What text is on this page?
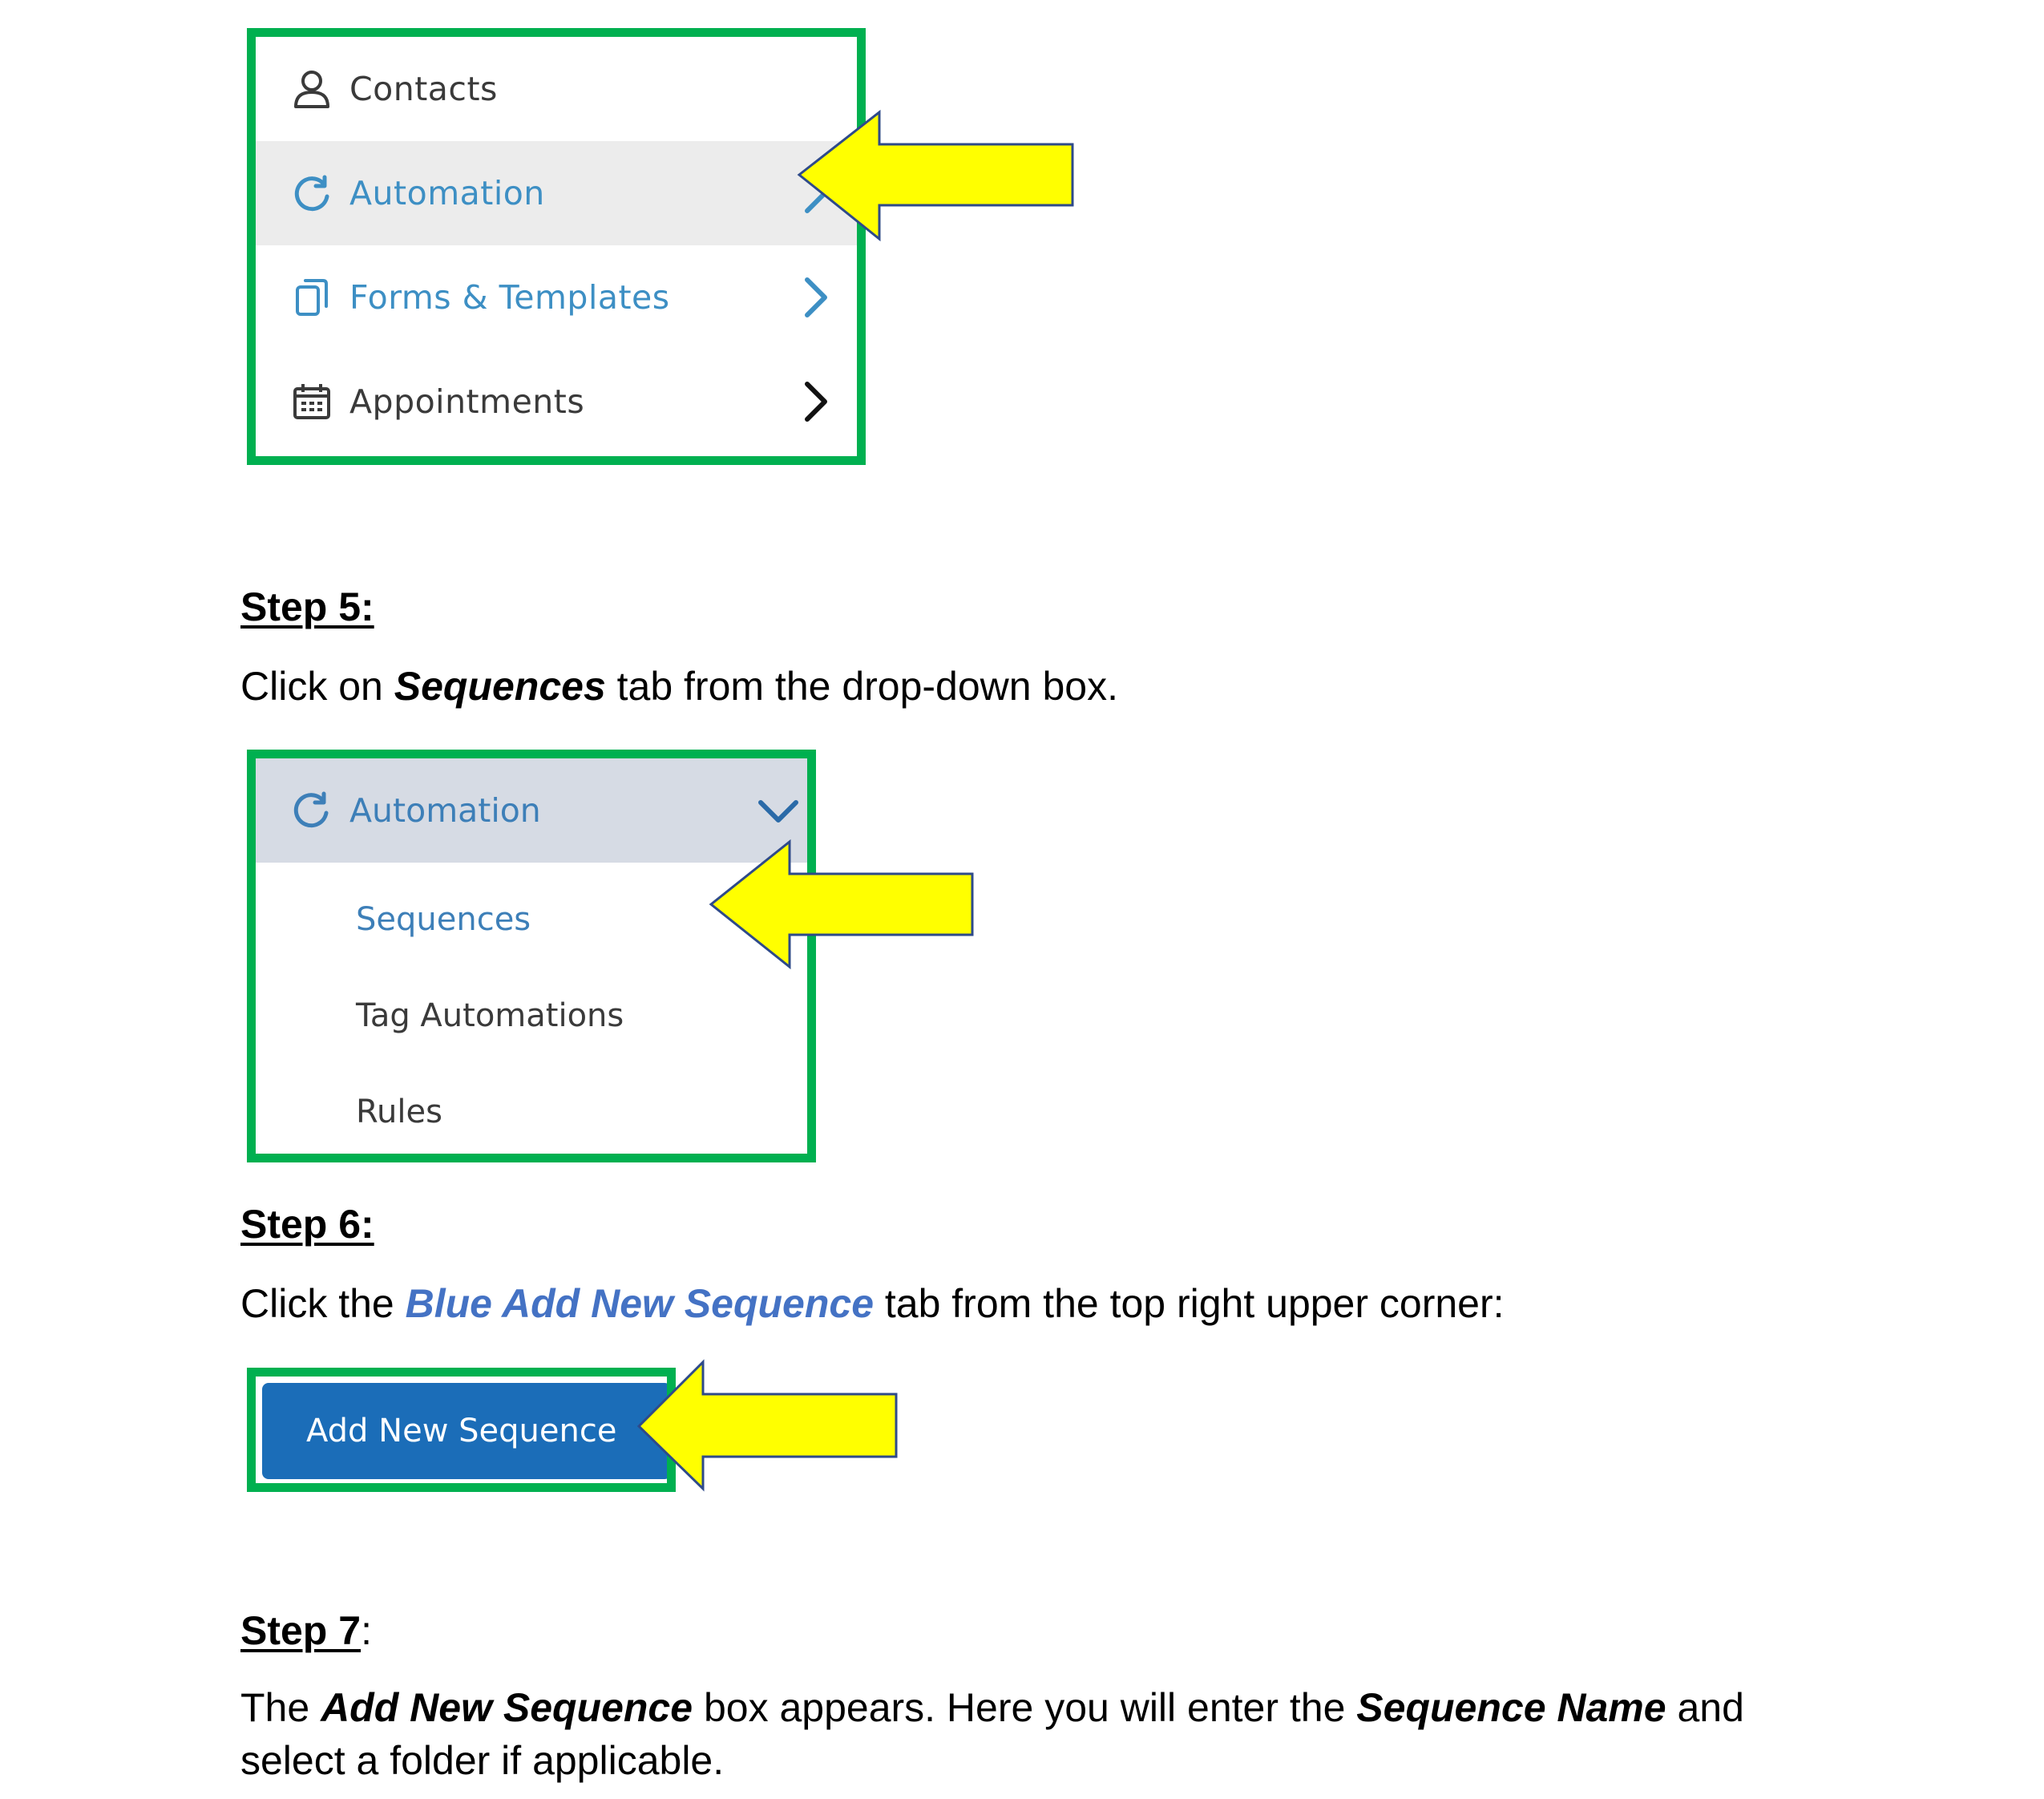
Contacts
Automation
Forms & Templates
Appointments
Step 5:
Click on Sequences tab from the drop-down box.
Automation
Sequences
Tag Automations
Rules
Step 6:
Click the Blue Add New Sequence tab from the top right upper corner:
Add New Sequence
Step 7:
The Add New Sequence box appears. Here you will enter the Sequence Name and
select a folder if applicable.
